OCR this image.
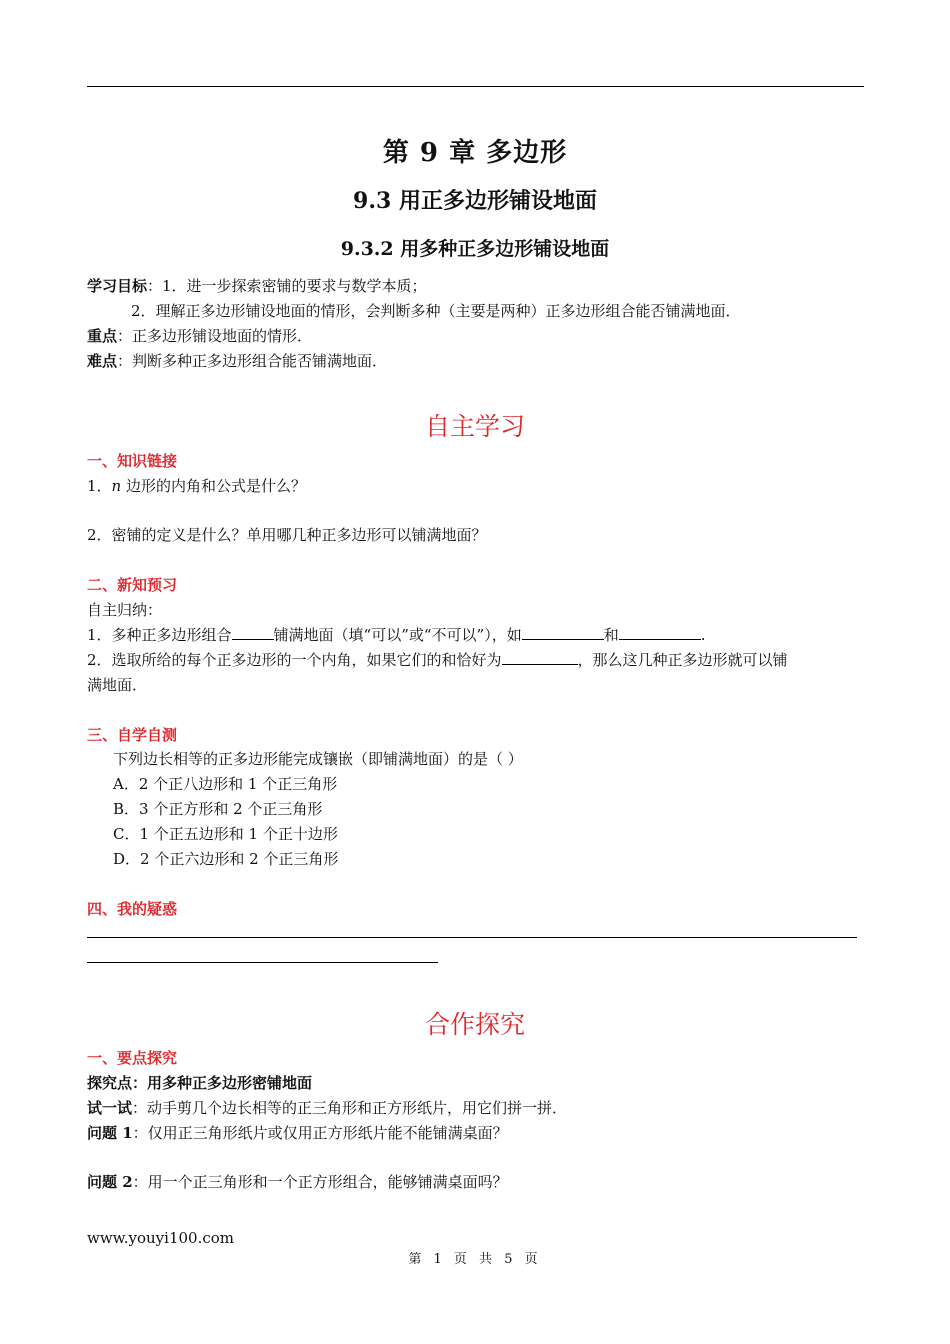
第 9 章 多边形
9.3 用正多边形铺设地面
9.3.2 用多种正多边形铺设地面
学习目标：1．进一步探索密铺的要求与数学本质；
2．理解正多边形铺设地面的情形，会判断多种（主要是两种）正多边形组合能否铺满地面．
重点：正多边形铺设地面的情形．
难点：判断多种正多边形组合能否铺满地面．
自主学习
一、知识链接
1．n 边形的内角和公式是什么？
2．密铺的定义是什么？单用哪几种正多边形可以铺满地面？
二、新知预习
自主归纳：
1．多种正多边形组合	铺满地面（填“可以”或“不可以”），如	和	.
2．选取所给的每个正多边形的一个内角，如果它们的和恰好为	，那么这几种正多边形就可以铺
满地面．
三、自学自测
下列边长相等的正多边形能完成镶嵌（即铺满地面）的是（ ）
A．2 个正八边形和 1 个正三角形
B．3 个正方形和 2 个正三角形
C．1 个正五边形和 1 个正十边形
D．2 个正六边形和 2 个正三角形
四、我的疑惑
合作探究
一、要点探究
探究点：用多种正多边形密铺地面
试一试：动手剪几个边长相等的正三角形和正方形纸片，用它们拼一拼．
问题 1：仅用正三角形纸片或仅用正方形纸片能不能铺满桌面？
问题 2：用一个正三角形和一个正方形组合，能够铺满桌面吗？
www.youyi100.com
第 1 页 共 5 页
